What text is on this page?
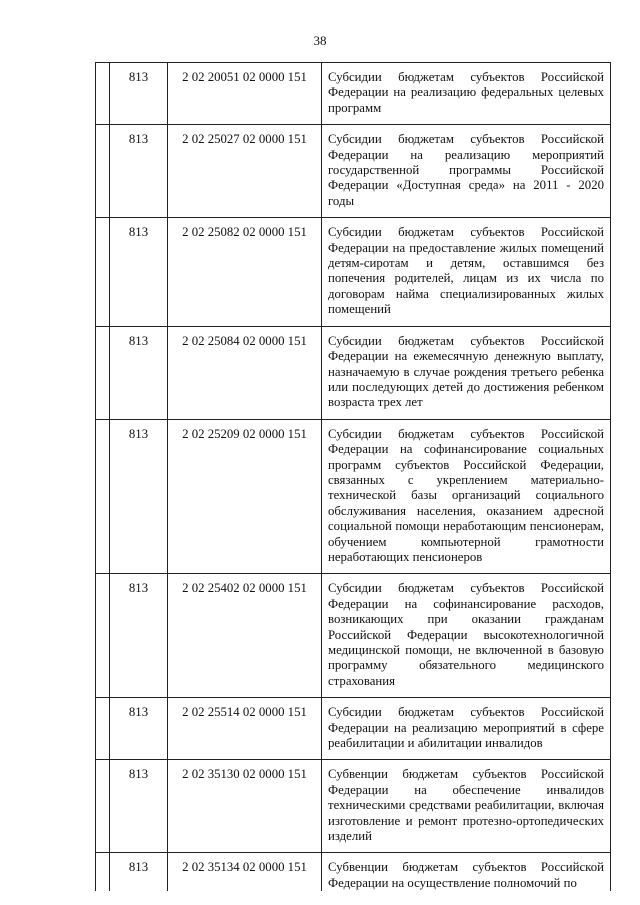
38
	813	2 02 20051 02 0000 151	Субсидии бюджетам субъектов Российской Федерации на реализацию федеральных целевых программ
	813	2 02 25027 02 0000 151	Субсидии бюджетам субъектов Российской Федерации на реализацию мероприятий государственной программы Российской Федерации «Доступная среда» на 2011 - 2020 годы
	813	2 02 25082 02 0000 151	Субсидии бюджетам субъектов Российской Федерации на предоставление жилых помещений детям-сиротам и детям, оставшимся без попечения родителей, лицам из их числа по договорам найма специализированных жилых помещений
	813	2 02 25084 02 0000 151	Субсидии бюджетам субъектов Российской Федерации на ежемесячную денежную выплату, назначаемую в случае рождения третьего ребенка или последующих детей до достижения ребенком возраста трех лет
	813	2 02 25209 02 0000 151	Субсидии бюджетам субъектов Российской Федерации на софинансирование социальных программ субъектов Российской Федерации, связанных с укреплением материально-технической базы организаций социального обслуживания населения, оказанием адресной социальной помощи неработающим пенсионерам, обучением компьютерной грамотности неработающих пенсионеров
	813	2 02 25402 02 0000 151	Субсидии бюджетам субъектов Российской Федерации на софинансирование расходов, возникающих при оказании гражданам Российской Федерации высокотехнологичной медицинской помощи, не включенной в базовую программу обязательного медицинского страхования
	813	2 02 25514 02 0000 151	Субсидии бюджетам субъектов Российской Федерации на реализацию мероприятий в сфере реабилитации и абилитации инвалидов
	813	2 02 35130 02 0000 151	Субвенции бюджетам субъектов Российской Федерации на обеспечение инвалидов техническими средствами реабилитации, включая изготовление и ремонт протезно-ортопедических изделий
	813	2 02 35134 02 0000 151	Субвенции бюджетам субъектов Российской Федерации на осуществление полномочий по
